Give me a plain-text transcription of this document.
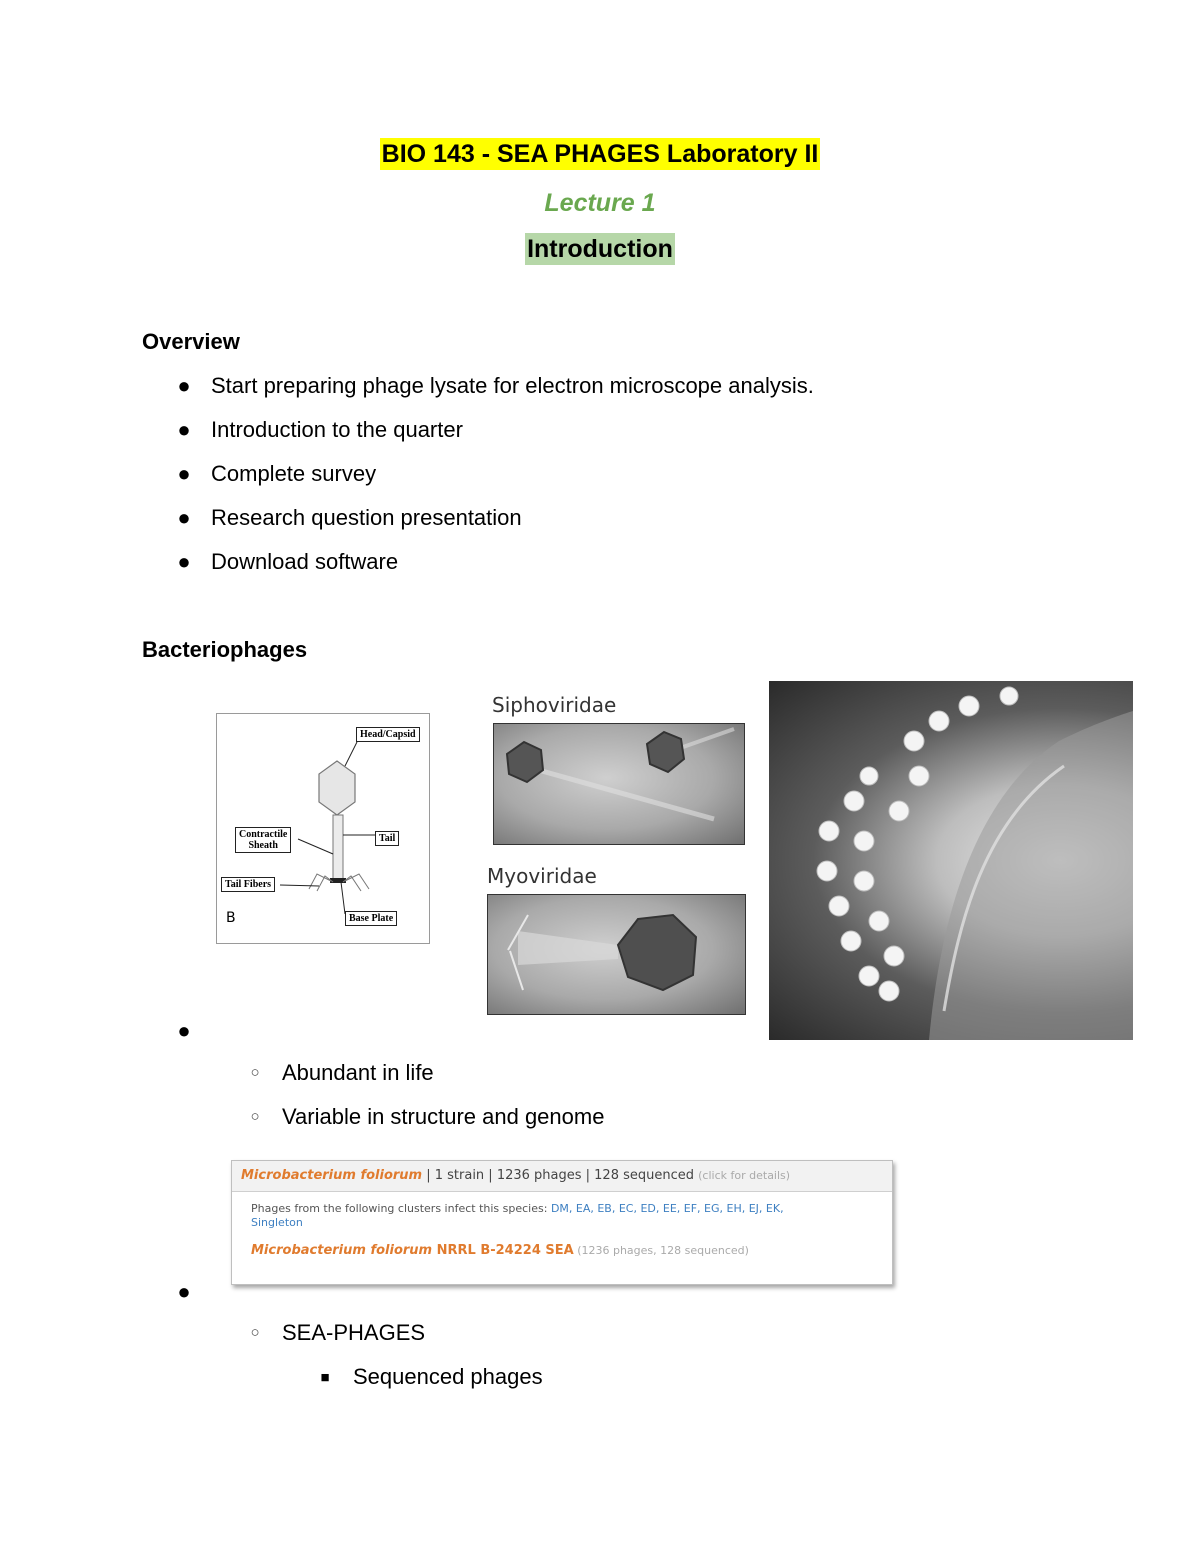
BIO 143 - SEA PHAGES Laboratory II
Lecture 1
Introduction
Overview
● Start preparing phage lysate for electron microscope analysis.
● Introduction to the quarter
● Complete survey
● Research question presentation
● Download software
Bacteriophages
Head/Capsid
Contractile
Sheath
Tail
Tail Fibers
Base Plate
B
Siphoviridae
Myoviridae
●
○ Abundant in life
○ Variable in structure and genome
Microbacterium foliorum | 1 strain | 1236 phages | 128 sequenced (click for details)
Phages from the following clusters infect this species: DM, EA, EB, EC, ED, EE, EF, EG, EH, EJ, EK,
Singleton
Microbacterium foliorum NRRL B-24224 SEA (1236 phages, 128 sequenced)
●
○ SEA-PHAGES
■ Sequenced phages
